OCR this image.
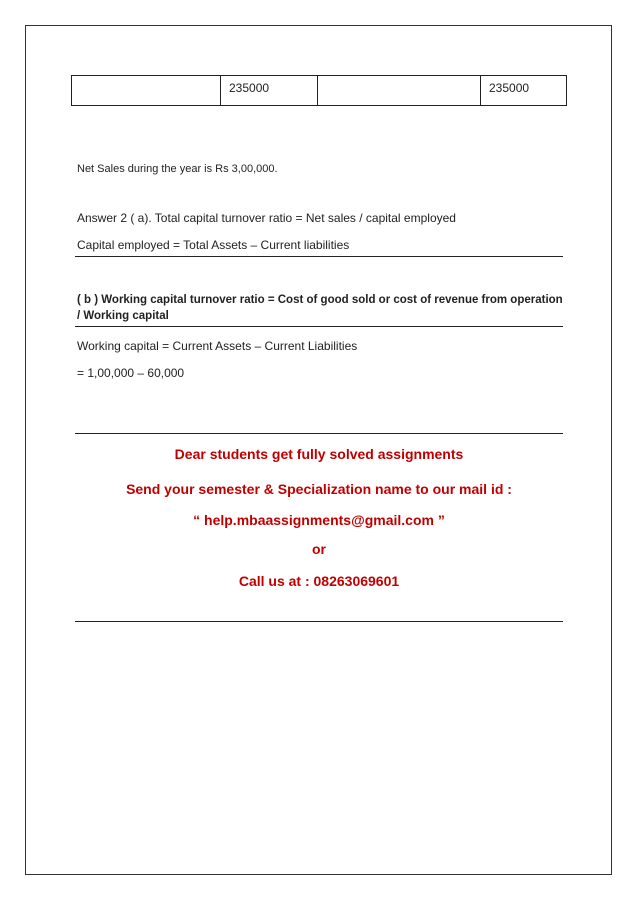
	235000		235000
Net Sales during the year is Rs 3,00,000.
Answer 2 ( a). Total capital turnover ratio = Net sales / capital employed
Capital employed = Total Assets – Current liabilities
( b ) Working capital turnover ratio = Cost of good sold or cost of revenue from operation
/ Working capital
Working capital = Current Assets – Current Liabilities
= 1,00,000 – 60,000
Dear students get fully solved assignments
Send your semester & Specialization name to our mail id :
“ help.mbaassignments@gmail.com ”
or
Call us at : 08263069601
